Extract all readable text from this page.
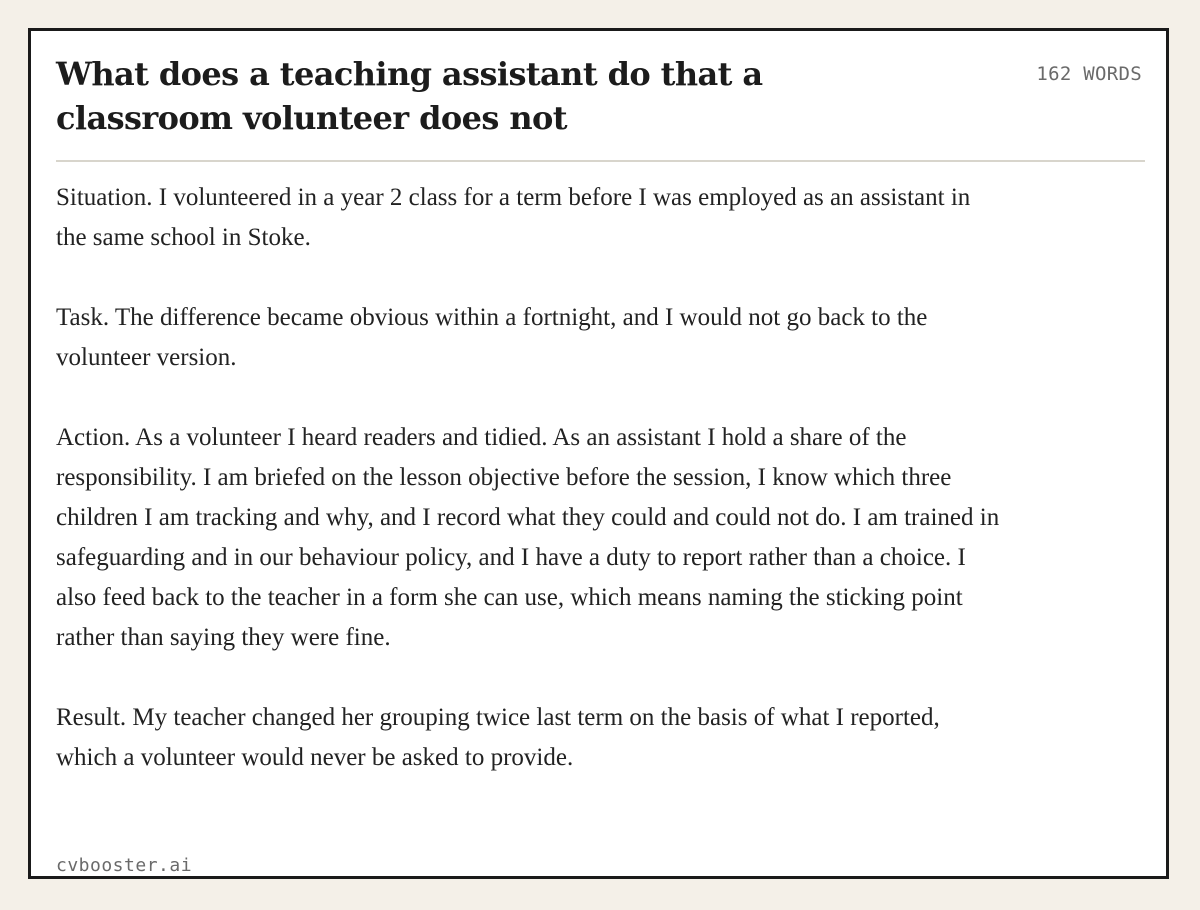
What does a teaching assistant do that a classroom volunteer does not
162 WORDS

Situation. I volunteered in a year 2 class for a term before I was employed as an assistant in the same school in Stoke.

Task. The difference became obvious within a fortnight, and I would not go back to the volunteer version.

Action. As a volunteer I heard readers and tidied. As an assistant I hold a share of the responsibility. I am briefed on the lesson objective before the session, I know which three children I am tracking and why, and I record what they could and could not do. I am trained in safeguarding and in our behaviour policy, and I have a duty to report rather than a choice. I also feed back to the teacher in a form she can use, which means naming the sticking point rather than saying they were fine.

Result. My teacher changed her grouping twice last term on the basis of what I reported, which a volunteer would never be asked to provide.

cvbooster.ai
